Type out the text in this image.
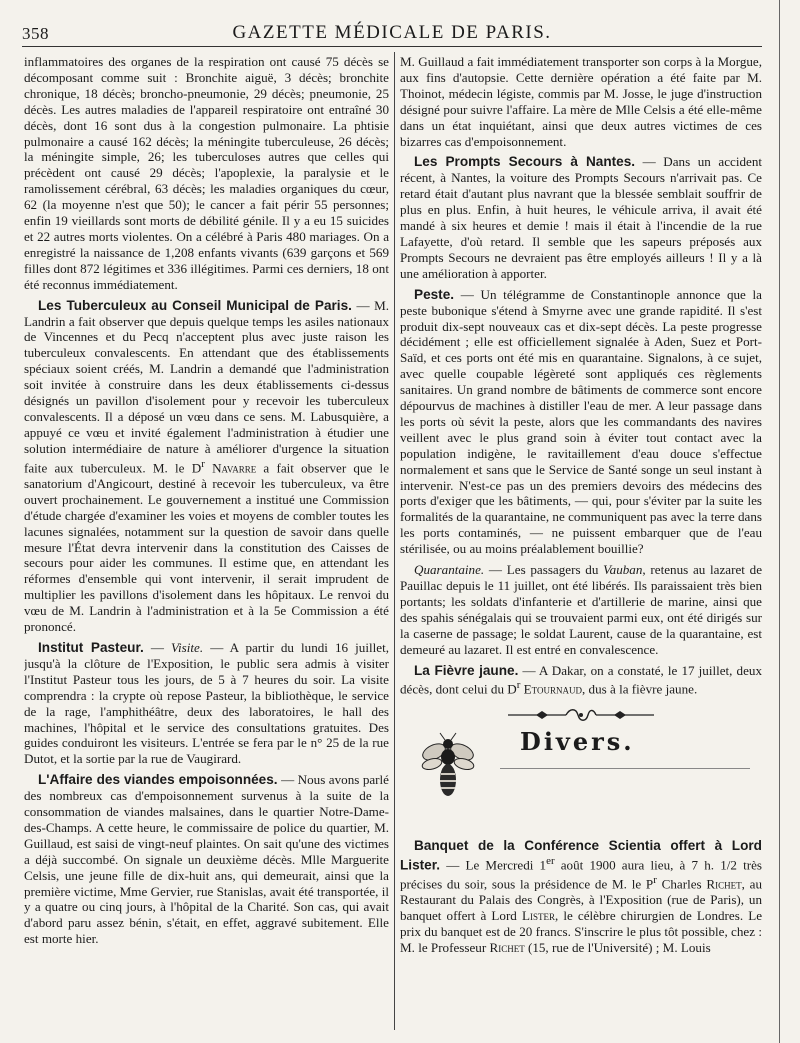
358	GAZETTE MÉDICALE DE PARIS.

inflammatoires des organes de la respiration ont causé 75 décès se décomposant comme suit : Bronchite aiguë, 3 décès; bronchite chronique, 18 décès; broncho-pneumonie, 29 décès; pneumonie, 25 décès. Les autres maladies de l'appareil respiratoire ont entraîné 30 décès, dont 16 sont dus à la congestion pulmonaire. La phtisie pulmonaire a causé 162 décès; la méningite tuberculeuse, 26 décès; la méningite simple, 26; les tuberculoses autres que celles qui précèdent ont causé 29 décès; l'apoplexie, la paralysie et le ramolissement cérébral, 63 décès; les maladies organiques du cœur, 62 (la moyenne n'est que 50); le cancer a fait périr 55 personnes; enfin 19 vieillards sont morts de débilité génile. Il y a eu 15 suicides et 22 autres morts violentes. On a célébré à Paris 480 mariages. On a enregistré la naissance de 1,208 enfants vivants (639 garçons et 569 filles dont 872 légitimes et 336 illégitimes. Parmi ces derniers, 18 ont été reconnus immédiatement.

Les Tuberculeux au Conseil Municipal de Paris. — M. Landrin a fait observer que depuis quelque temps les asiles nationaux de Vincennes et du Pecq n'acceptent plus avec juste raison les tuberculeux convalescents. En attendant que des établissements spéciaux soient créés, M. Landrin a demandé que l'administration soit invitée à construire dans les deux établissements ci-dessus désignés un pavillon d'isolement pour y recevoir les tuberculeux convalescents. Il a déposé un vœu dans ce sens. M. Labusquière, a appuyé ce vœu et invité également l'administration à étudier une solution intermédiaire de nature à améliorer d'urgence la situation faite aux tuberculeux. M. le $D^r$ Navarre a fait observer que le sanatorium d'Angicourt, destiné à recevoir les tuberculeux, va être ouvert prochainement. Le gouvernement a institué une Commission d'étude chargée d'examiner les voies et moyens de combler toutes les lacunes signalées, notamment sur la question de savoir dans quelle mesure l'État devra intervenir dans la constitution des Caisses de secours pour aider les communes. Il estime que, en attendant les réformes d'ensemble qui vont intervenir, il serait imprudent de multiplier les pavillons d'isolement dans les hôpitaux. Le renvoi du vœu de M. Landrin à l'administration et à la 5e Commission a été prononcé.

Institut Pasteur. — Visite. — A partir du lundi 16 juillet, jusqu'à la clôture de l'Exposition, le public sera admis à visiter l'Institut Pasteur tous les jours, de 5 à 7 heures du soir. La visite comprendra : la crypte où repose Pasteur, la bibliothèque, le service de la rage, l'amphithéâtre, deux des laboratoires, le hall des machines, l'hôpital et le service des consultations gratuites. Des guides conduiront les visiteurs. L'entrée se fera par le n° 25 de la rue Dutot, et la sortie par la rue de Vaugirard.

L'Affaire des viandes empoisonnées. — Nous avons parlé des nombreux cas d'empoisonnement survenus à la suite de la consommation de viandes malsaines, dans le quartier Notre-Dame-des-Champs. A cette heure, le commissaire de police du quartier, M. Guillaud, est saisi de vingt-neuf plaintes. On sait qu'une des victimes a déjà succombé. On signale un deuxième décès. Mlle Marguerite Celsis, une jeune fille de dix-huit ans, qui demeurait, ainsi que la première victime, Mme Gervier, rue Stanislas, avait été transportée, il y a quatre ou cinq jours, à l'hôpital de la Charité. Son cas, qui avait d'abord paru assez bénin, s'était, en effet, aggravé subitement. Elle est morte hier.

M. Guillaud a fait immédiatement transporter son corps à la Morgue, aux fins d'autopsie. Cette dernière opération a été faite par M. Thoinot, médecin légiste, commis par M. Josse, le juge d'instruction désigné pour suivre l'affaire. La mère de Mlle Celsis a été elle-même dans un état inquiétant, ainsi que deux autres victimes de ces bizarres cas d'empoisonnement.

Les Prompts Secours à Nantes. — Dans un accident récent, à Nantes, la voiture des Prompts Secours n'arrivait pas. Ce retard était d'autant plus navrant que la blessée semblait souffrir de plus en plus. Enfin, à huit heures, le véhicule arriva, il avait été mandé à six heures et demie ! mais il était à l'incendie de la rue Lafayette, d'où retard. Il semble que les sapeurs préposés aux Prompts Secours ne devraient pas être employés ailleurs ! Il y a là une amélioration à apporter.

Peste. — Un télégramme de Constantinople annonce que la peste bubonique s'étend à Smyrne avec une grande rapidité. Il s'est produit dix-sept nouveaux cas et dix-sept décès. La peste progresse décidément ; elle est officiellement signalée à Aden, Suez et Port-Saïd, et ces ports ont été mis en quarantaine. Signalons, à ce sujet, avec quelle coupable légèreté sont appliqués ces règlements sanitaires. Un grand nombre de bâtiments de commerce sont encore dépourvus de machines à distiller l'eau de mer. A leur passage dans les ports où sévit la peste, alors que les commandants des navires veillent avec le plus grand soin à éviter tout contact avec la population indigène, le ravitaillement d'eau douce s'effectue normalement et sans que le Service de Santé songe un seul instant à intervenir. N'est-ce pas un des premiers devoirs des médecins des ports d'exiger que les bâtiments, — qui, pour s'éviter par la suite les formalités de la quarantaine, ne communiquent pas avec la terre dans les ports contaminés, — ne puissent embarquer que de l'eau stérilisée, ou au moins préalablement bouillie?

Quarantaine. — Les passagers du Vauban, retenus au lazaret de Pauillac depuis le 11 juillet, ont été libérés. Ils paraissaient très bien portants; les soldats d'infanterie et d'artillerie de marine, ainsi que des spahis sénégalais qui se trouvaient parmi eux, ont été dirigés sur la caserne de passage; le soldat Laurent, cause de la quarantaine, est demeuré au lazaret. Il est entré en convalescence.

La Fièvre jaune. — A Dakar, on a constaté, le 17 juillet, deux décès, dont celui du $D^r$ Etournaud, dus à la fièvre jaune.

Divers.

Banquet de la Conférence Scientia offert à Lord Lister. — Le Mercredi 1er août 1900 aura lieu, à 7 h. 1/2 très précises du soir, sous la présidence de M. le $P^r$ Charles Richet, au Restaurant du Palais des Congrès, à l'Exposition (rue de Paris), un banquet offert à Lord Lister, le célèbre chirurgien de Londres. Le prix du banquet est de 20 francs. S'inscrire le plus tôt possible, chez : M. le Professeur Richet (15, rue de l'Université) ; M. Louis
